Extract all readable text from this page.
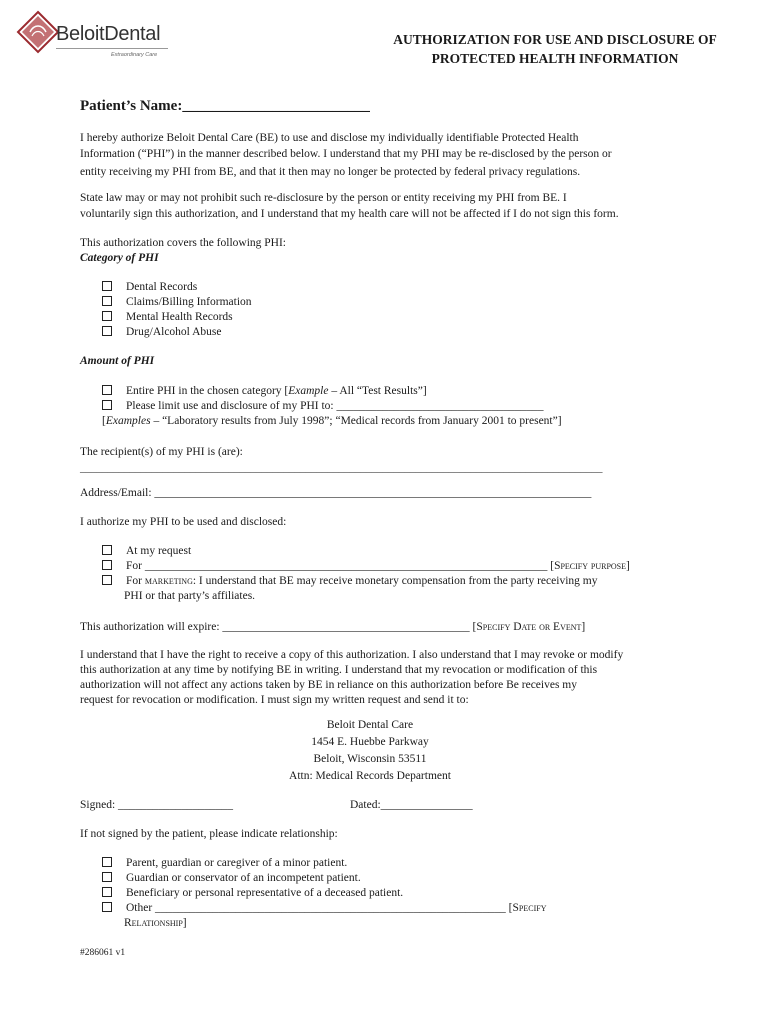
BeloitDental
Extraordinary Care
AUTHORIZATION FOR USE AND DISCLOSURE OF
PROTECTED HEALTH INFORMATION
Patient’s Name:_________________________
I hereby authorize Beloit Dental Care (BE) to use and disclose my individually identifiable Protected Health
Information (“PHI”) in the manner described below. I understand that my PHI may be re-disclosed by the person or
entity receiving my PHI from BE, and that it then may no longer be protected by federal privacy regulations.
State law may or may not prohibit such re-disclosure by the person or entity receiving my PHI from BE. I
voluntarily sign this authorization, and I understand that my health care will not be affected if I do not sign this form.
This authorization covers the following PHI:
Category of PHI
Dental Records
Claims/Billing Information
Mental Health Records
Drug/Alcohol Abuse
Amount of PHI
Entire PHI in the chosen category [Example – All “Test Results”]
Please limit use and disclosure of my PHI to: ____________________________________
[Examples – “Laboratory results from July 1998”; “Medical records from January 2001 to present”]
The recipient(s) of my PHI is (are):
_______________________________________________________________________________________________
Address/Email: ____________________________________________________________________________
I authorize my PHI to be used and disclosed:
At my request
For ______________________________________________________________________ [Specify purpose]
For marketing: I understand that BE may receive monetary compensation from the party receiving my
PHI or that party’s affiliates.
This authorization will expire: ___________________________________________ [Specify Date or Event]
I understand that I have the right to receive a copy of this authorization. I also understand that I may revoke or modify
this authorization at any time by notifying BE in writing. I understand that my revocation or modification of this
authorization will not affect any actions taken by BE in reliance on this authorization before Be receives my
request for revocation or modification. I must sign my written request and send it to:
Beloit Dental Care
1454 E. Huebbe Parkway
Beloit, Wisconsin 53511
Attn: Medical Records Department
Signed: ____________________	Dated:________________
If not signed by the patient, please indicate relationship:
Parent, guardian or caregiver of a minor patient.
Guardian or conservator of an incompetent patient.
Beneficiary or personal representative of a deceased patient.
Other _____________________________________________________________ [Specify
Relationship]
#286061 v1
